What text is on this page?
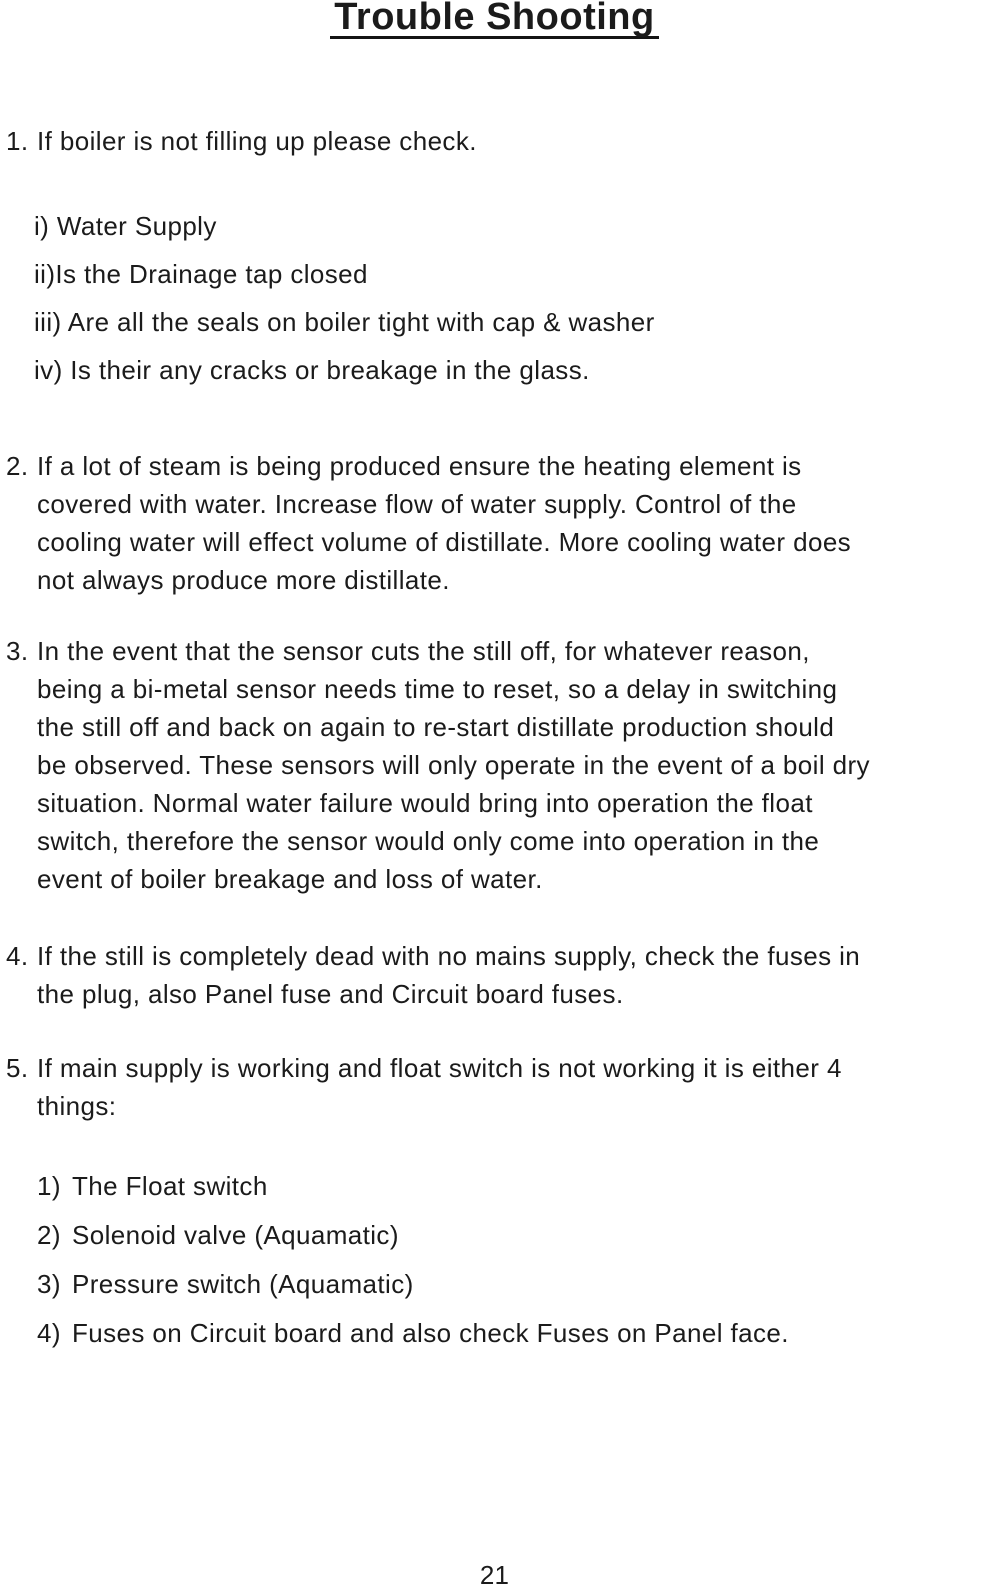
Trouble Shooting
1. If boiler is not filling up please check.
i) Water Supply
ii)Is the Drainage tap closed
iii) Are all the seals on boiler tight with cap & washer
iv) Is their any cracks or breakage in the glass.
2. If a lot of steam is being produced ensure the heating element is
covered with water. Increase flow of water supply. Control of the
cooling water will effect volume of distillate. More cooling water does
not always produce more distillate.
3. In the event that the sensor cuts the still off, for whatever reason,
being a bi-metal sensor needs time to reset, so a delay in switching
the still off and back on again to re-start distillate production should
be observed. These sensors will only operate in the event of a boil dry
situation. Normal water failure would bring into operation the float
switch, therefore the sensor would only come into operation in the
event of boiler breakage and loss of water.
4. If the still is completely dead with no mains supply, check the fuses in
the plug, also Panel fuse and Circuit board fuses.
5. If main supply is working and float switch is not working it is either 4
things:
1) The Float switch
2) Solenoid valve (Aquamatic)
3) Pressure switch (Aquamatic)
4) Fuses on Circuit board and also check Fuses on Panel face.
21
